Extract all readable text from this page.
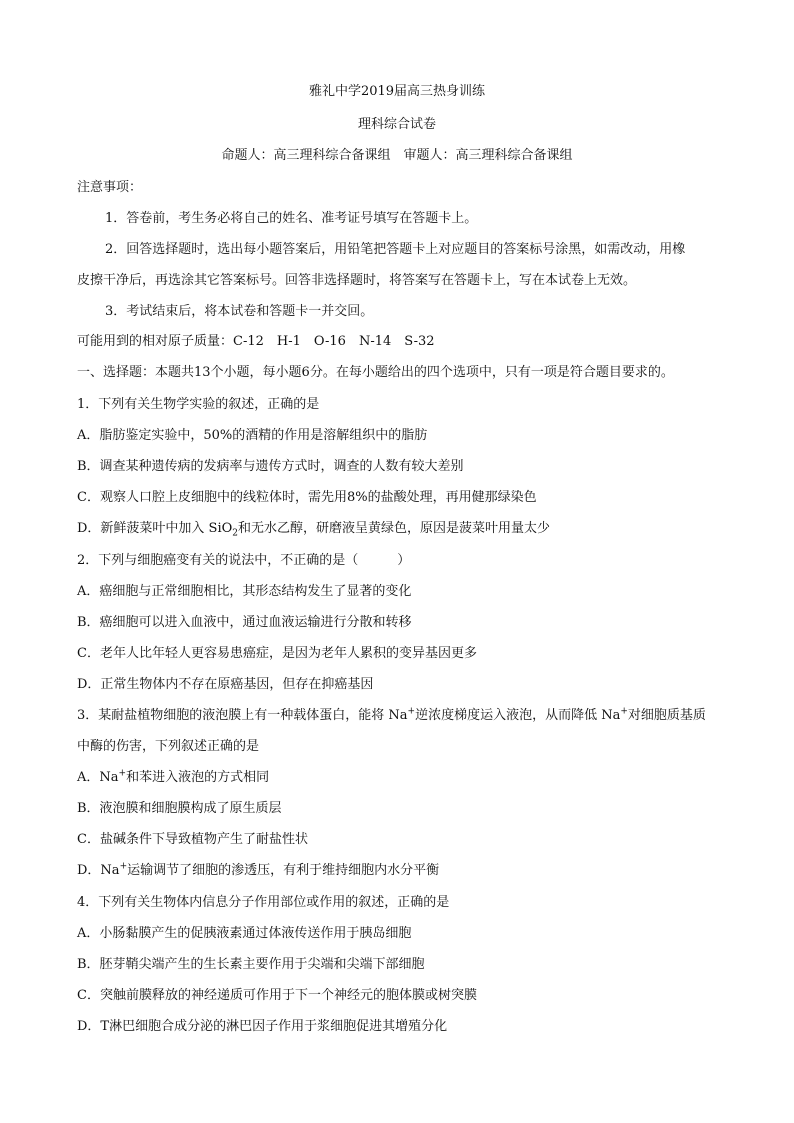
雅礼中学2019届高三热身训练
理科综合试卷
命题人：高三理科综合备课组　审题人：高三理科综合备课组
注意事项：
1．答卷前，考生务必将自己的姓名、准考证号填写在答题卡上。
2．回答选择题时，选出每小题答案后，用铅笔把答题卡上对应题目的答案标号涂黑，如需改动，用橡
皮擦干净后，再选涂其它答案标号。回答非选择题时，将答案写在答题卡上，写在本试卷上无效。
3．考试结束后，将本试卷和答题卡一并交回。
可能用到的相对原子质量：C-12　H-1　O-16　N-14　S-32
一、选择题：本题共13个小题，每小题6分。在每小题给出的四个选项中，只有一项是符合题目要求的。
1．下列有关生物学实验的叙述，正确的是
A．脂肪鉴定实验中，50%的酒精的作用是溶解组织中的脂肪
B．调查某种遗传病的发病率与遗传方式时，调查的人数有较大差别
C．观察人口腔上皮细胞中的线粒体时，需先用8%的盐酸处理，再用健那绿染色
D．新鲜菠菜叶中加入 SiO$_2$和无水乙醇，研磨液呈黄绿色，原因是菠菜叶用量太少
2．下列与细胞癌变有关的说法中，不正确的是（　　　）
A．癌细胞与正常细胞相比，其形态结构发生了显著的变化
B．癌细胞可以进入血液中，通过血液运输进行分散和转移
C．老年人比年轻人更容易患癌症，是因为老年人累积的变异基因更多
D．正常生物体内不存在原癌基因，但存在抑癌基因
3．某耐盐植物细胞的液泡膜上有一种载体蛋白，能将 Na+逆浓度梯度运入液泡，从而降低 Na+对细胞质基质
中酶的伤害，下列叙述正确的是
A．Na+和苯进入液泡的方式相同
B．液泡膜和细胞膜构成了原生质层
C．盐碱条件下导致植物产生了耐盐性状
D．Na+运输调节了细胞的渗透压，有利于维持细胞内水分平衡
4．下列有关生物体内信息分子作用部位或作用的叙述，正确的是
A．小肠黏膜产生的促胰液素通过体液传送作用于胰岛细胞
B．胚芽鞘尖端产生的生长素主要作用于尖端和尖端下部细胞
C．突触前膜释放的神经递质可作用于下一个神经元的胞体膜或树突膜
D．T淋巴细胞合成分泌的淋巴因子作用于浆细胞促进其增殖分化
